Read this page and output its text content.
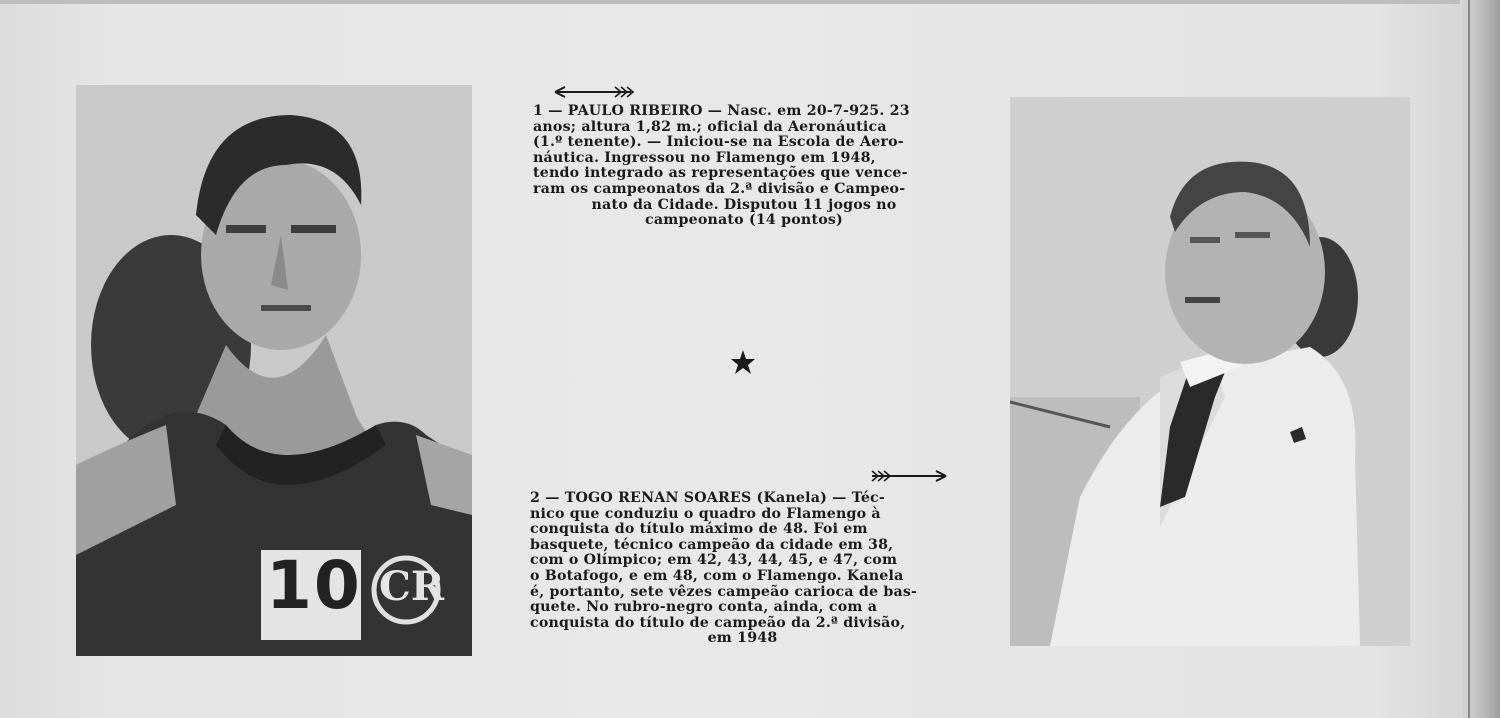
10 CR
1 — PAULO RIBEIRO — Nasc. em 20-7-925. 23
anos; altura 1,82 m.; oficial da Aeronáutica
(1.º tenente). — Iniciou-se na Escola de Aero-
náutica. Ingressou no Flamengo em 1948,
tendo integrado as representações que vence-
ram os campeonatos da 2.ª divisão e Campeo-
nato da Cidade. Disputou 11 jogos no
campeonato (14 pontos)
2 — TOGO RENAN SOARES (Kanela) — Téc-
nico que conduziu o quadro do Flamengo à
conquista do título máximo de 48. Foi em
basquete, técnico campeão da cidade em 38,
com o Olímpico; em 42, 43, 44, 45, e 47, com
o Botafogo, e em 48, com o Flamengo. Kanela
é, portanto, sete vêzes campeão carioca de bas-
quete. No rubro-negro conta, ainda, com a
conquista do título de campeão da 2.ª divisão,
em 1948
